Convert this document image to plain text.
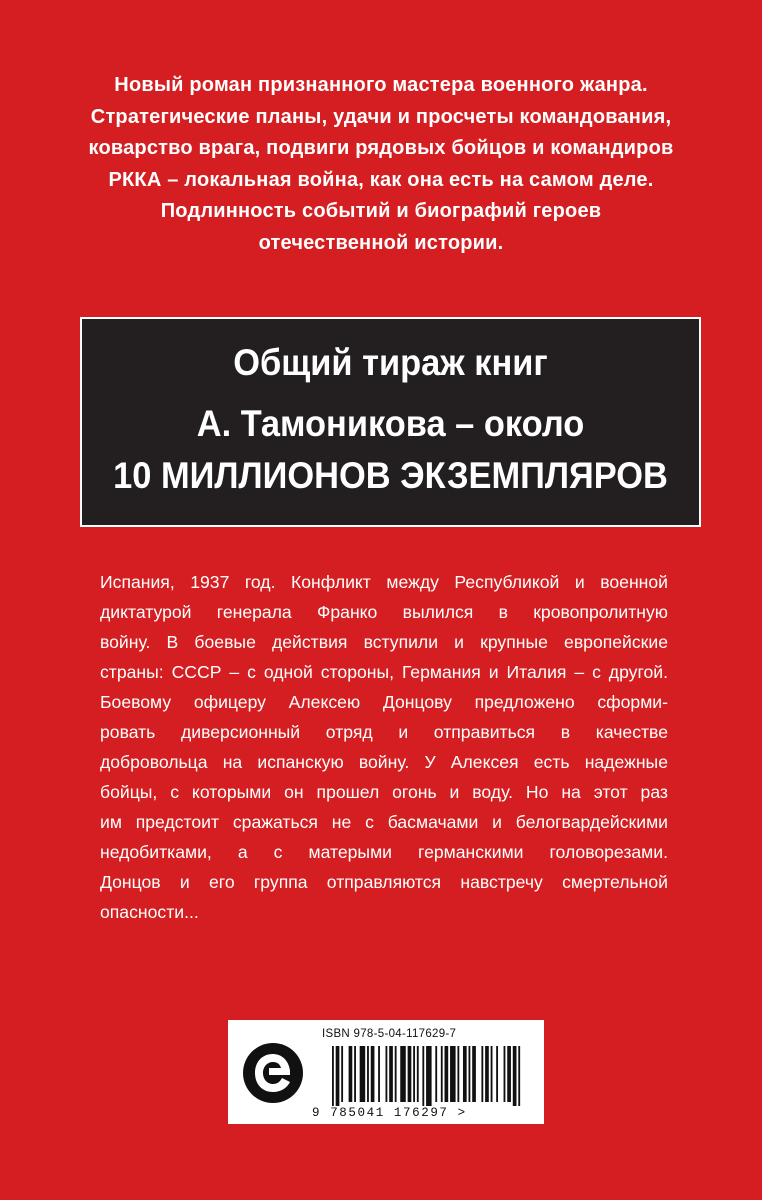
Новый роман признанного мастера военного жанра.
Стратегические планы, удачи и просчеты командования,
коварство врага, подвиги рядовых бойцов и командиров
РККА – локальная война, как она есть на самом деле.
Подлинность событий и биографий героев
отечественной истории.
Общий тираж книг
А. Тамоникова – около
10 МИЛЛИОНОВ ЭКЗЕМПЛЯРОВ
Испания, 1937 год. Конфликт между Республикой и военной
диктатурой генерала Франко вылился в кровопролитную
войну. В боевые действия вступили и крупные европейские
страны: СССР – с одной стороны, Германия и Италия – с другой.
Боевому офицеру Алексею Донцову предложено сформи-
ровать диверсионный отряд и отправиться в качестве
добровольца на испанскую войну. У Алексея есть надежные
бойцы, с которыми он прошел огонь и воду. Но на этот раз
им предстоит сражаться не с басмачами и белогвардейскими
недобитками, а с матерыми германскими головорезами.
Донцов и его группа отправляются навстречу смертельной
опасности...
ISBN 978-5-04-117629-7
9 785041 176297 >
